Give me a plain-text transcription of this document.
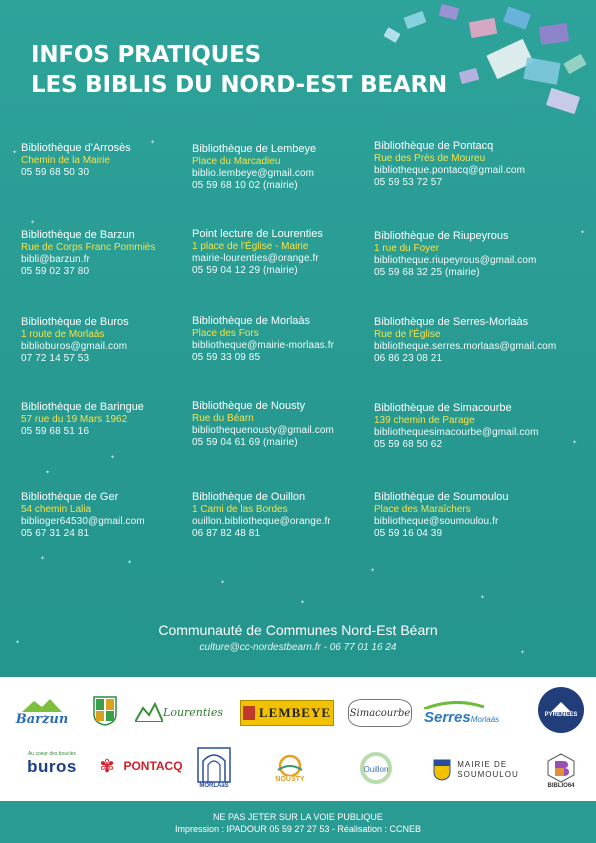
✦
✦
✦
✦
✦
✦
✦
✦
✦
✦
✦
✦
✦
✦
✦
INFOS PRATIQUES
LES BIBLIS DU NORD-EST BEARN
Bibliothèque d'Arrosès
Chemin de la Mairie
05 59 68 50 30
Bibliothèque de Lembeye
Place du Marcadieu
biblio.lembeye@gmail.com
05 59 68 10 02 (mairie)
Bibliothèque de Pontacq
Rue des Près de Moureu
bibliotheque.pontacq@gmail.com
05 59 53 72 57
Bibliothèque de Barzun
Rue de Corps Franc Pommiès
bibli@barzun.fr
05 59 02 37 80
Point lecture de Lourenties
1 place de l'Église - Mairie
mairie-lourenties@orange.fr
05 59 04 12 29 (mairie)
Bibliothèque de Riupeyrous
1 rue du Foyer
bibliotheque.riupeyrous@gmail.com
05 59 68 32 25 (mairie)
Bibliothèque de Buros
1 route de Morlaàs
biblioburos@gmail.com
07 72 14 57 53
Bibliothèque de Morlaàs
Place des Fors
bibliotheque@mairie-morlaas.fr
05 59 33 09 85
Bibliothèque de Serres-Morlaàs
Rue de l'Église
bibliotheque.serres.morlaas@gmail.com
06 86 23 08 21
Bibliothèque de Baringue
57 rue du 19 Mars 1962
05 59 68 51 16
Bibliothèque de Nousty
Rue du Béarn
bibliothequenousty@gmail.com
05 59 04 61 69 (mairie)
Bibliothèque de Simacourbe
139 chemin de Parage
bibliothequesimacourbe@gmail.com
05 59 68 50 62
Bibliothèque de Ger
54 chemin Lalia
biblioger64530@gmail.com
05 67 31 24 81
Bibliothèque de Ouillon
1 Cami de las Bordes
ouillon.bibliotheque@orange.fr
06 87 82 48 81
Bibliothèque de Soumoulou
Place des Maraîchers
bibliotheque@soumoulou.fr
05 59 16 04 39
Communauté de Communes Nord-Est Béarn
culture@cc-nordestbearn.fr - 06 77 01 16 24
Barzun	Lourenties	LEMBEYE Simacourbe SerresMorlaàs	PYRÉNÉES
Au coeur des boucles
buros ✾ PONTACQ
MORLAàS
NOUSTY
Ouillon
MAIRIE DE
SOUMOULOU
BIBLIO64
NE PAS JETER SUR LA VOIE PUBLIQUE
Impression : IPADOUR 05 59 27 27 53 - Réalisation : CCNEB
